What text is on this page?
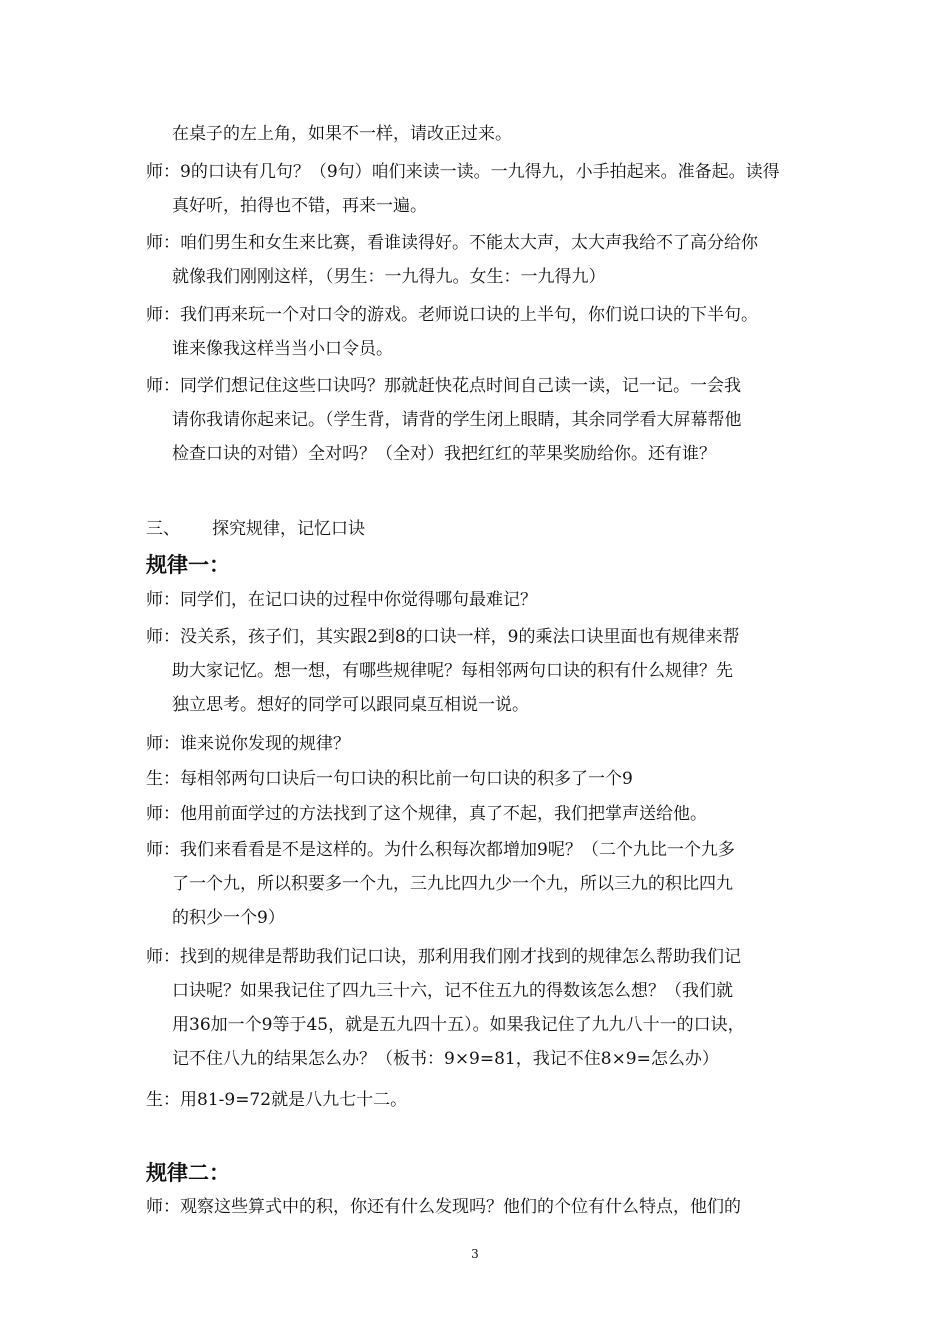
在桌子的左上角，如果不一样，请改正过来。
师：9的口诀有几句？（9句）咱们来读一读。一九得九，小手拍起来。准备起。读得
真好听，拍得也不错，再来一遍。
师：咱们男生和女生来比赛，看谁读得好。不能太大声，太大声我给不了高分给你
就像我们刚刚这样，（男生：一九得九。女生：一九得九）
师：我们再来玩一个对口令的游戏。老师说口诀的上半句，你们说口诀的下半句。
谁来像我这样当当小口令员。
师：同学们想记住这些口诀吗？那就赶快花点时间自己读一读，记一记。一会我
请你我请你起来记。（学生背，请背的学生闭上眼睛，其余同学看大屏幕帮他
检查口诀的对错）全对吗？（全对）我把红红的苹果奖励给你。还有谁？
三、 探究规律，记忆口诀
规律一：
师：同学们，在记口诀的过程中你觉得哪句最难记？
师：没关系，孩子们，其实跟2到8的口诀一样，9的乘法口诀里面也有规律来帮
助大家记忆。想一想，有哪些规律呢？每相邻两句口诀的积有什么规律？先
独立思考。想好的同学可以跟同桌互相说一说。
师：谁来说你发现的规律？
生：每相邻两句口诀后一句口诀的积比前一句口诀的积多了一个9
师：他用前面学过的方法找到了这个规律，真了不起，我们把掌声送给他。
师：我们来看看是不是这样的。为什么积每次都增加9呢？（二个九比一个九多
了一个九，所以积要多一个九，三九比四九少一个九，所以三九的积比四九
的积少一个9）
师：找到的规律是帮助我们记口诀，那利用我们刚才找到的规律怎么帮助我们记
口诀呢？如果我记住了四九三十六，记不住五九的得数该怎么想？（我们就
用36加一个9等于45，就是五九四十五）。如果我记住了九九八十一的口诀，
记不住八九的结果怎么办？（板书：9×9=81，我记不住8×9=怎么办）
生：用81-9=72就是八九七十二。
规律二：
师：观察这些算式中的积，你还有什么发现吗？他们的个位有什么特点，他们的
3
